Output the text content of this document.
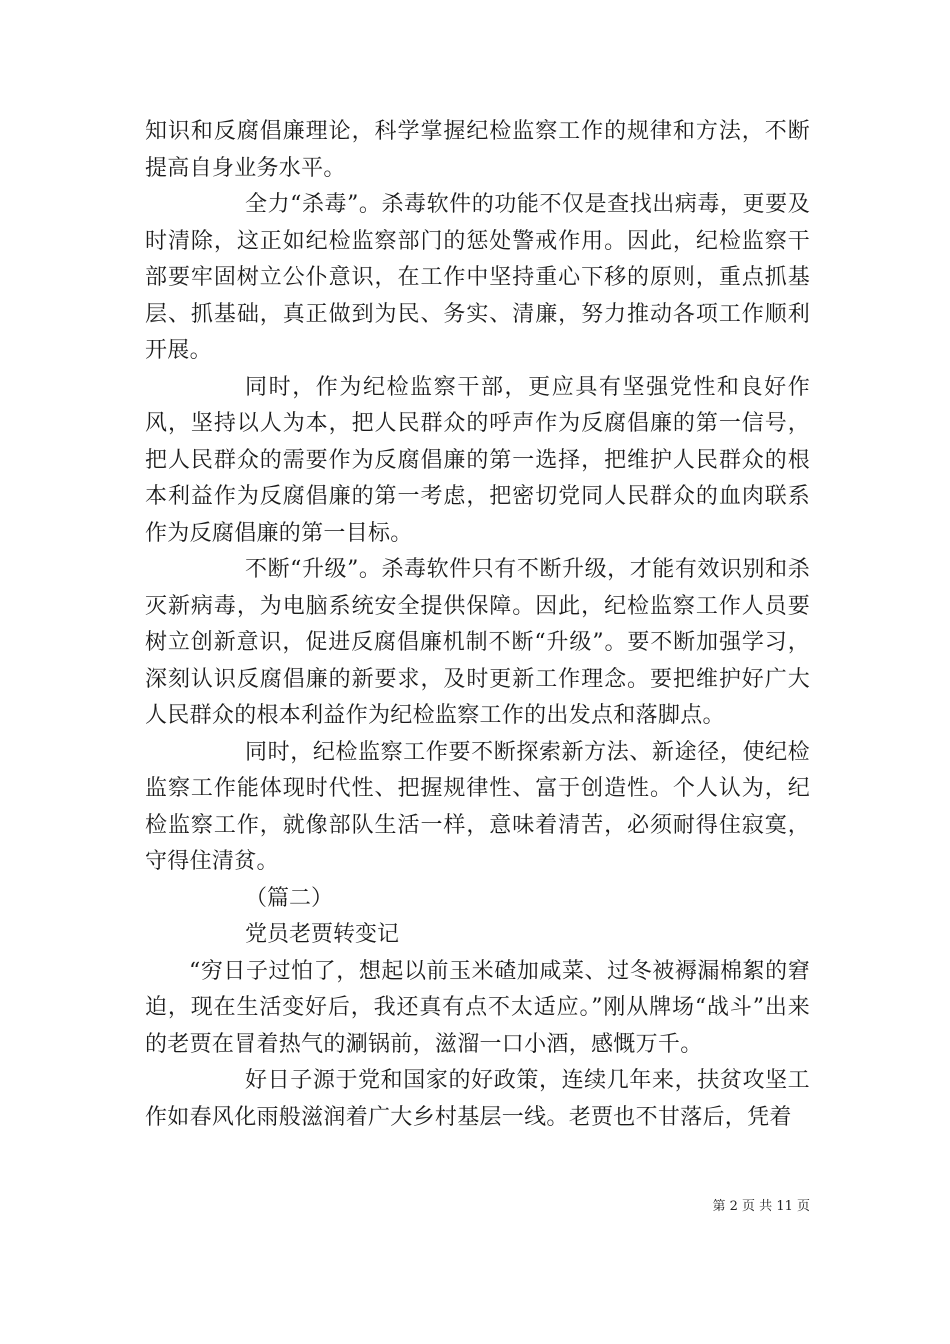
知识和反腐倡廉理论，科学掌握纪检监察工作的规律和方法，不断提高自身业务水平。

全力“杀毒”。杀毒软件的功能不仅是查找出病毒，更要及时清除，这正如纪检监察部门的惩处警戒作用。因此，纪检监察干部要牢固树立公仆意识，在工作中坚持重心下移的原则，重点抓基层、抓基础，真正做到为民、务实、清廉，努力推动各项工作顺利开展。

同时，作为纪检监察干部，更应具有坚强党性和良好作风，坚持以人为本，把人民群众的呼声作为反腐倡廉的第一信号，把人民群众的需要作为反腐倡廉的第一选择，把维护人民群众的根本利益作为反腐倡廉的第一考虑，把密切党同人民群众的血肉联系作为反腐倡廉的第一目标。

不断“升级”。杀毒软件只有不断升级，才能有效识别和杀灭新病毒，为电脑系统安全提供保障。因此，纪检监察工作人员要树立创新意识，促进反腐倡廉机制不断“升级”。要不断加强学习，深刻认识反腐倡廉的新要求，及时更新工作理念。要把维护好广大人民群众的根本利益作为纪检监察工作的出发点和落脚点。

同时，纪检监察工作要不断探索新方法、新途径，使纪检监察工作能体现时代性、把握规律性、富于创造性。个人认为，纪检监察工作，就像部队生活一样，意味着清苦，必须耐得住寂寞，守得住清贫。

（篇二）

党员老贾转变记

“穷日子过怕了，想起以前玉米碴加咸菜、过冬被褥漏棉絮的窘迫，现在生活变好后，我还真有点不太适应。”刚从牌场“战斗”出来的老贾在冒着热气的涮锅前，滋溜一口小酒，感慨万千。

好日子源于党和国家的好政策，连续几年来，扶贫攻坚工作如春风化雨般滋润着广大乡村基层一线。老贾也不甘落后，凭着

第 2 页 共 11 页
